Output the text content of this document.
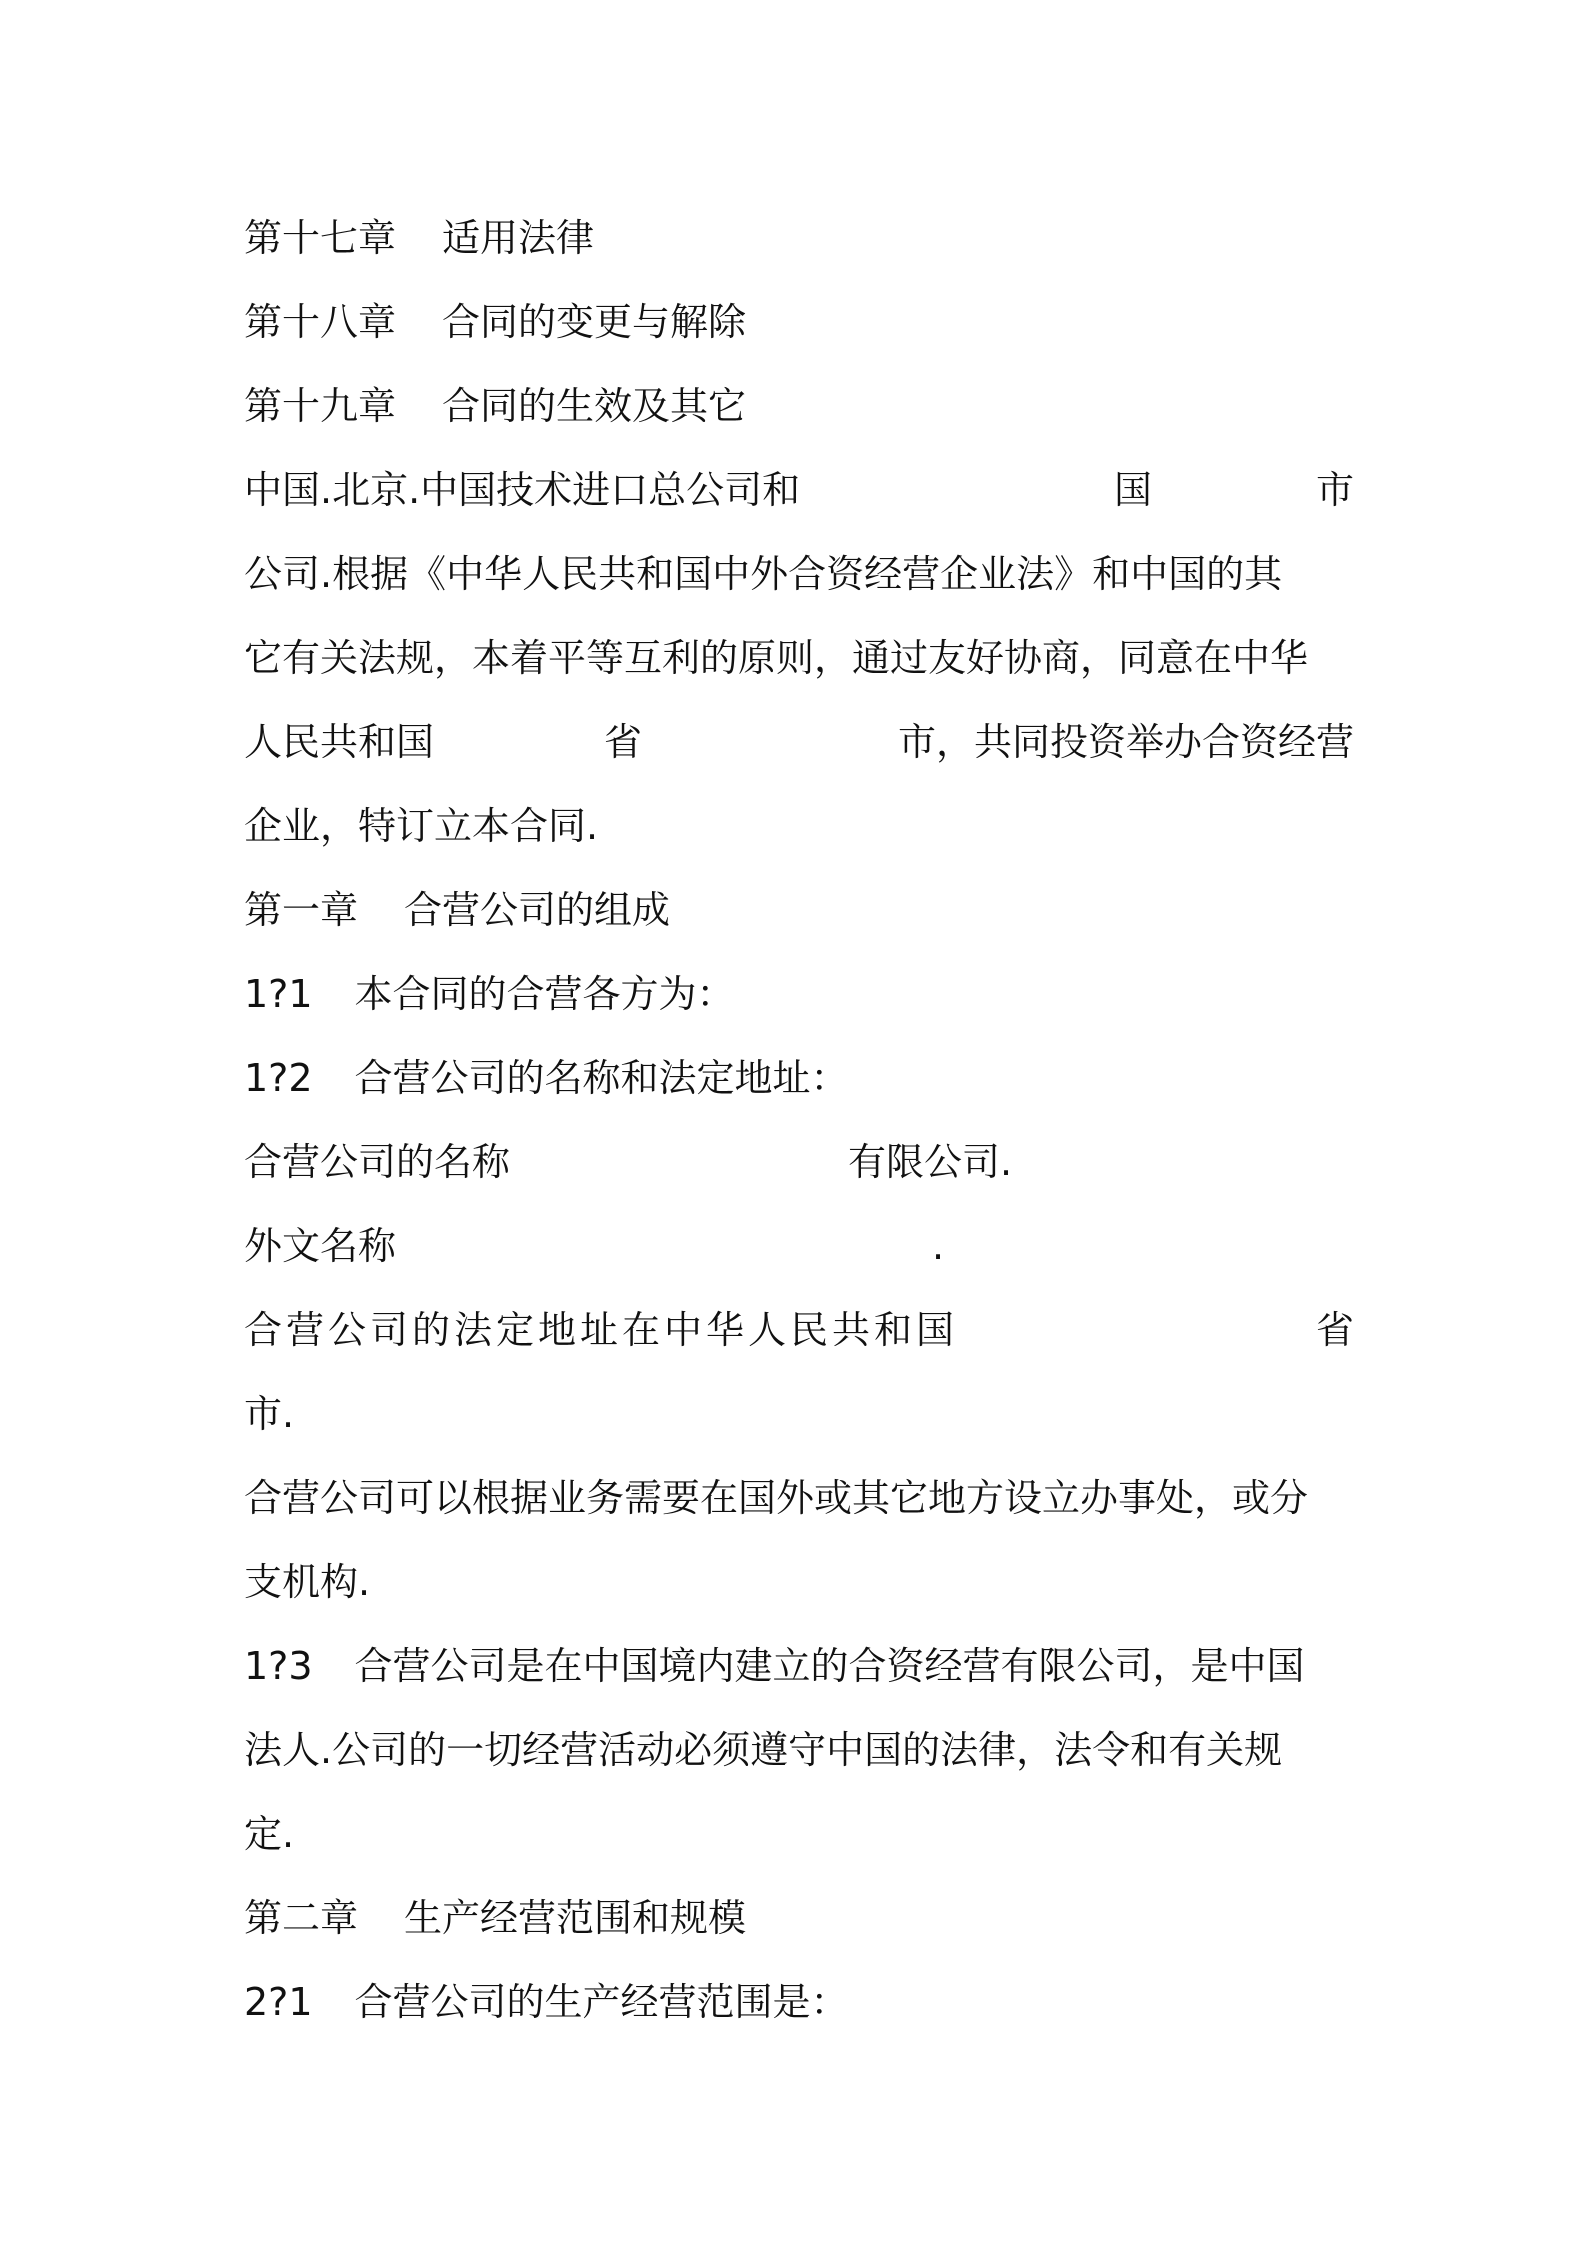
第十七章 适用法律
第十八章 合同的变更与解除
第十九章 合同的生效及其它
中国.北京.中国技术进口总公司和	国	市
公司.根据《中华人民共和国中外合资经营企业法》和中国的其
它有关法规，本着平等互利的原则，通过友好协商，同意在中华
人民共和国	省	市，共同投资举办合资经营
企业，特订立本合同.
第一章 合营公司的组成
1?1 本合同的合营各方为：
1?2 合营公司的名称和法定地址：
合营公司的名称	有限公司.
外文名称	.
合营公司的法定地址在中华人民共和国	省
市.
合营公司可以根据业务需要在国外或其它地方设立办事处，或分
支机构.
1?3 合营公司是在中国境内建立的合资经营有限公司，是中国
法人.公司的一切经营活动必须遵守中国的法律，法令和有关规
定.
第二章 生产经营范围和规模
2?1 合营公司的生产经营范围是：
